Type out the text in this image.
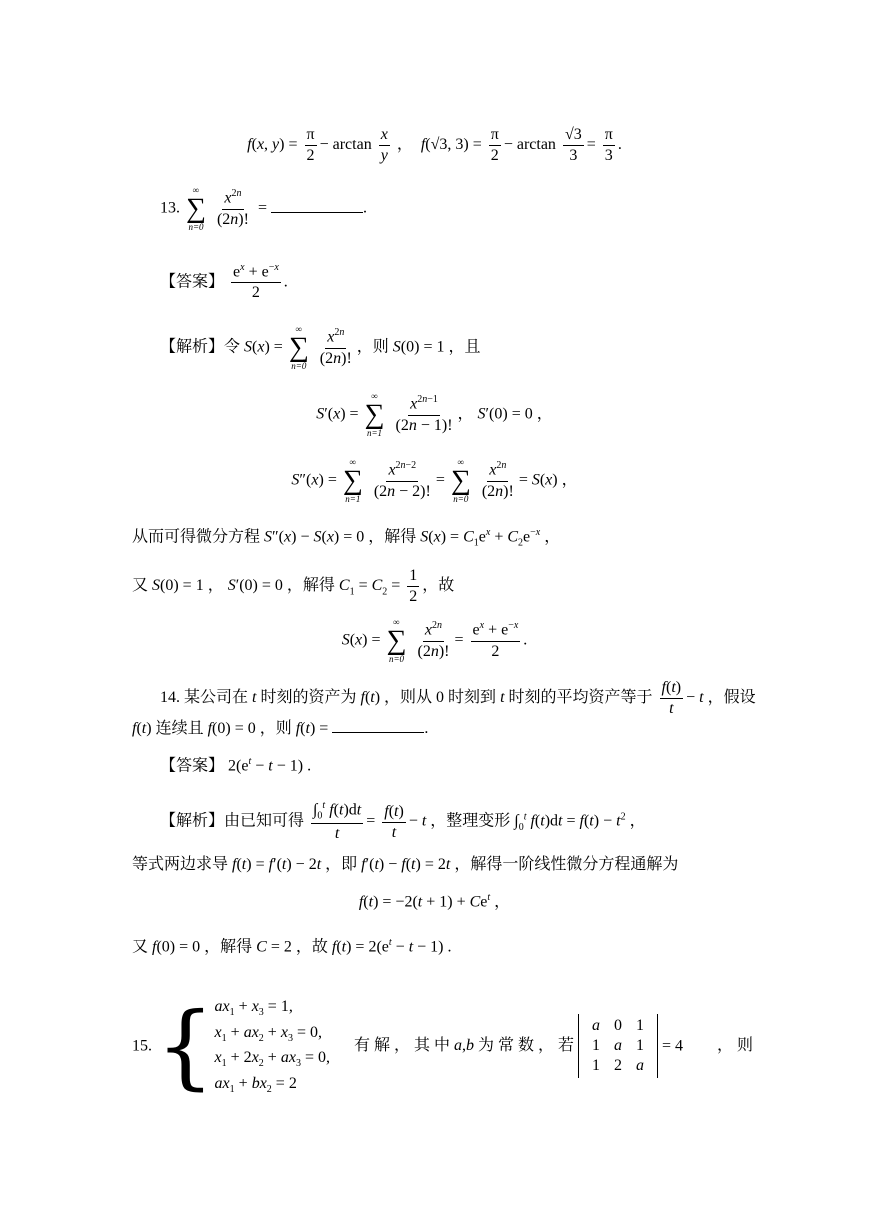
f(x, $y) = \frac{\pi}{2} - \arctan \frac{x}{y}$ ，  f(√3, $3) = \frac{\pi}{2} - \arctan \frac{√3}{3} = \frac{\pi}{3}$ .
13.
∞
∑
n=0
$\frac{x^{2n}}{(2n)!}$ =	.
【答案】 $\frac{e^x + e^{-x}}{2}$ .
【解析】令 S(x) =
∞
∑
n=0
$\frac{x^{2n}}{(2n)!}$ ，则 S(0) = 1 ，且
S′(x) =
∞
∑
n=1
$\frac{x^{2n-1}}{(2n - 1)!}$ ， S′(0) = 0 ，
S″(x) =
∞
∑
n=1
$\frac{x^{2n-2}}{(2n - 2)!}$ =
∞
∑
n=0
$\frac{x^{2n}}{(2n)!} = S(x)$ ，
从而可得微分方程 S″(x) − S(x) = 0 ，解得 $S(x) = C_1e^x + C_2e^{-x}$ ，
又 S(0) = 1 ， S′(0) = 0 ，解得 $C_1 = C_2 = \frac{1}{2}$ ，故
S(x) =
∞
∑
n=0
$\frac{x^{2n}}{(2n)!} = \frac{e^x + e^{-x}}{2}$ .
14. 某公司在 t 时刻的资产为 f(t) ，则从 0 时刻到 t 时刻的平均资产等于 $\frac{f(t)}{t} - t$ ，假设
f(t) 连续且 f(0) = 0 ，则 f(t) =	.
【答案】 $2(e^t - t - 1)$ .
【解析】由已知可得 $\frac{\int_0^t f(t)dt}{t} = \frac{f(t)}{t} - t$ ，整理变形 $\int_0^t$ $f(t)dt = f(t) - t^2$ ，
等式两边求导 f(t) = f′(t) − 2t ，即 f′(t) − f(t) = 2t ，解得一阶线性微分方程通解为
$f(t) = -2(t + 1) + Ce^t$ ，
又 f(0) = 0 ，解得 C = 2 ，故 $f(t) = 2(e^t - t - 1)$ .
15. { $ax_1 + x_3 = 1$,
$x_1 + ax_2 + x_3 = 0$,
$x_1 + 2x_2 + ax_3 = 0$,
$ax_1 + bx_2 = 2$
有 解 ， 其 中 a,b 为 常 数 ， 若
a	0	1
1	a	1
1	2	a
= 4 ， 则
